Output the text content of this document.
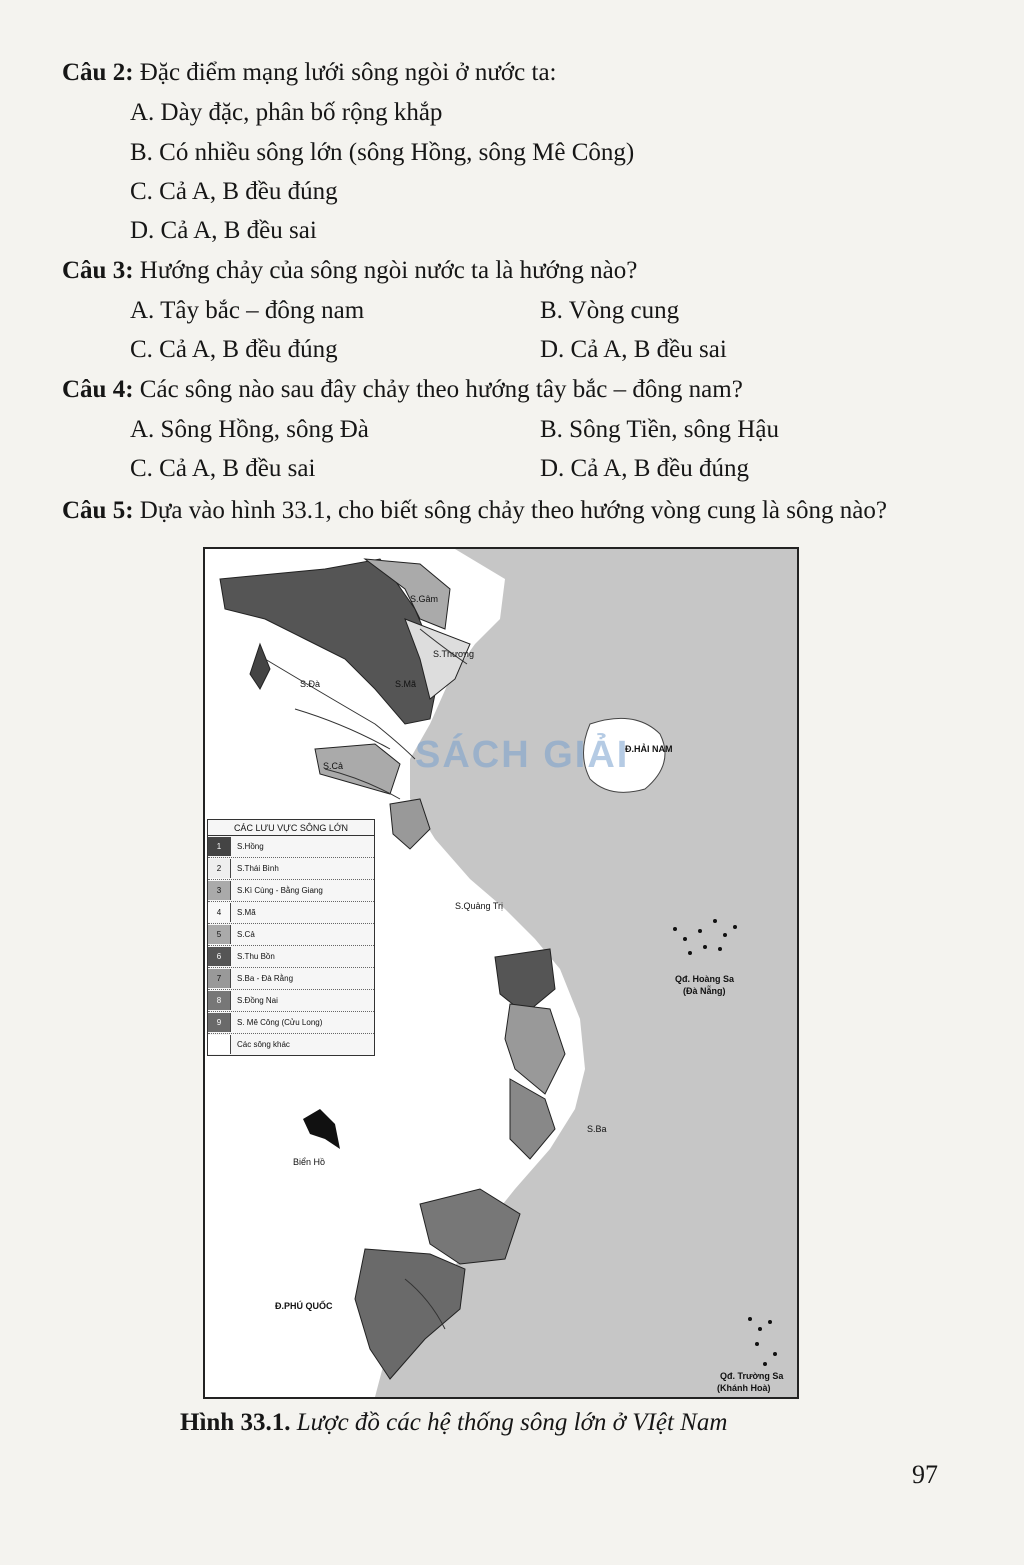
Câu 2: Đặc điểm mạng lưới sông ngòi ở nước ta:
A. Dày đặc, phân bố rộng khắp
B. Có nhiều sông lớn (sông Hồng, sông Mê Công)
C. Cả A, B đều đúng
D. Cả A, B đều sai
Câu 3: Hướng chảy của sông ngòi nước ta là hướng nào?
A. Tây bắc – đông nam	B. Vòng cung
C. Cả A, B đều đúng	D. Cả A, B đều sai
Câu 4: Các sông nào sau đây chảy theo hướng tây bắc – đông nam?
A. Sông Hồng, sông Đà	B. Sông Tiền, sông Hậu
C. Cả A, B đều sai	D. Cả A, B đều đúng
Câu 5: Dựa vào hình 33.1, cho biết sông chảy theo hướng vòng cung là sông nào?
SÁCH GIẢI
Đ.HẢI NAM
Đ.PHÚ QUỐC
Qđ. Hoàng Sa
(Đà Nẵng)
Qđ. Trường Sa
(Khánh Hoà)
Biển Hồ
S.Quảng Trị
S.Ba
S.Đà	S.Mã
S.Cả
S.Thương
S.Gâm
CÁC LƯU VỰC SÔNG LỚN
1	S.Hồng
2	S.Thái Bình
3	S.Kì Cùng - Bằng Giang
4	S.Mã
5	S.Cả
6	S.Thu Bồn
7	S.Ba - Đà Rằng
8	S.Đồng Nai
9	S. Mê Công (Cửu Long)
Các sông khác
Hình 33.1. Lược đồ các hệ thống sông lớn ở VIệt Nam
97
